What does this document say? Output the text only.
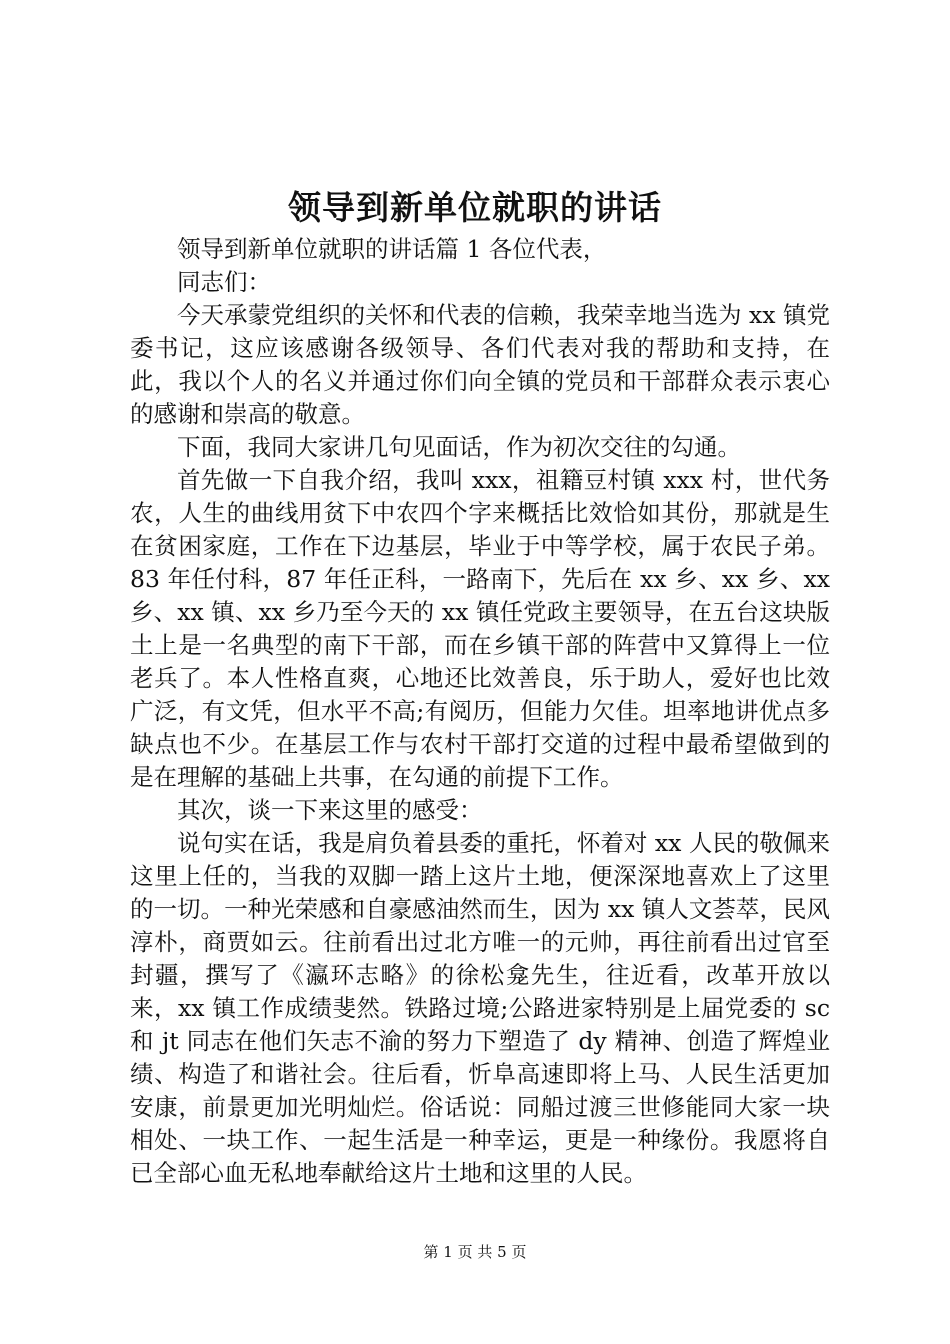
领导到新单位就职的讲话

领导到新单位就职的讲话篇 1 各位代表，

同志们：

今天承蒙党组织的关怀和代表的信赖，我荣幸地当选为 xx 镇党委书记，这应该感谢各级领导、各们代表对我的帮助和支持，在此，我以个人的名义并通过你们向全镇的党员和干部群众表示衷心的感谢和崇高的敬意。

下面，我同大家讲几句见面话，作为初次交往的勾通。

首先做一下自我介绍，我叫 xxx，祖籍豆村镇 xxx 村，世代务农，人生的曲线用贫下中农四个字来概括比效恰如其份，那就是生在贫困家庭，工作在下边基层，毕业于中等学校，属于农民子弟。83 年任付科，87 年任正科，一路南下，先后在 xx 乡、xx 乡、xx 乡、xx 镇、xx 乡乃至今天的 xx 镇任党政主要领导，在五台这块版土上是一名典型的南下干部，而在乡镇干部的阵营中又算得上一位老兵了。本人性格直爽，心地还比效善良，乐于助人，爱好也比效广泛，有文凭，但水平不高;有阅历，但能力欠佳。坦率地讲优点多缺点也不少。在基层工作与农村干部打交道的过程中最希望做到的是在理解的基础上共事，在勾通的前提下工作。

其次，谈一下来这里的感受：

说句实在话，我是肩负着县委的重托，怀着对 xx 人民的敬佩来这里上任的，当我的双脚一踏上这片土地，便深深地喜欢上了这里的一切。一种光荣感和自豪感油然而生，因为 xx 镇人文荟萃，民风淳朴，商贾如云。往前看出过北方唯一的元帅，再往前看出过官至封疆，撰写了《瀛环志略》的徐松龛先生，往近看，改革开放以来，xx 镇工作成绩斐然。铁路过境;公路进家特别是上届党委的 sc 和 jt 同志在他们矢志不渝的努力下塑造了 dy 精神、创造了辉煌业绩、构造了和谐社会。往后看，忻阜高速即将上马、人民生活更加安康，前景更加光明灿烂。俗话说：同船过渡三世修能同大家一块相处、一块工作、一起生活是一种幸运，更是一种缘份。我愿将自已全部心血无私地奉献给这片土地和这里的人民。

第 1 页 共 5 页
